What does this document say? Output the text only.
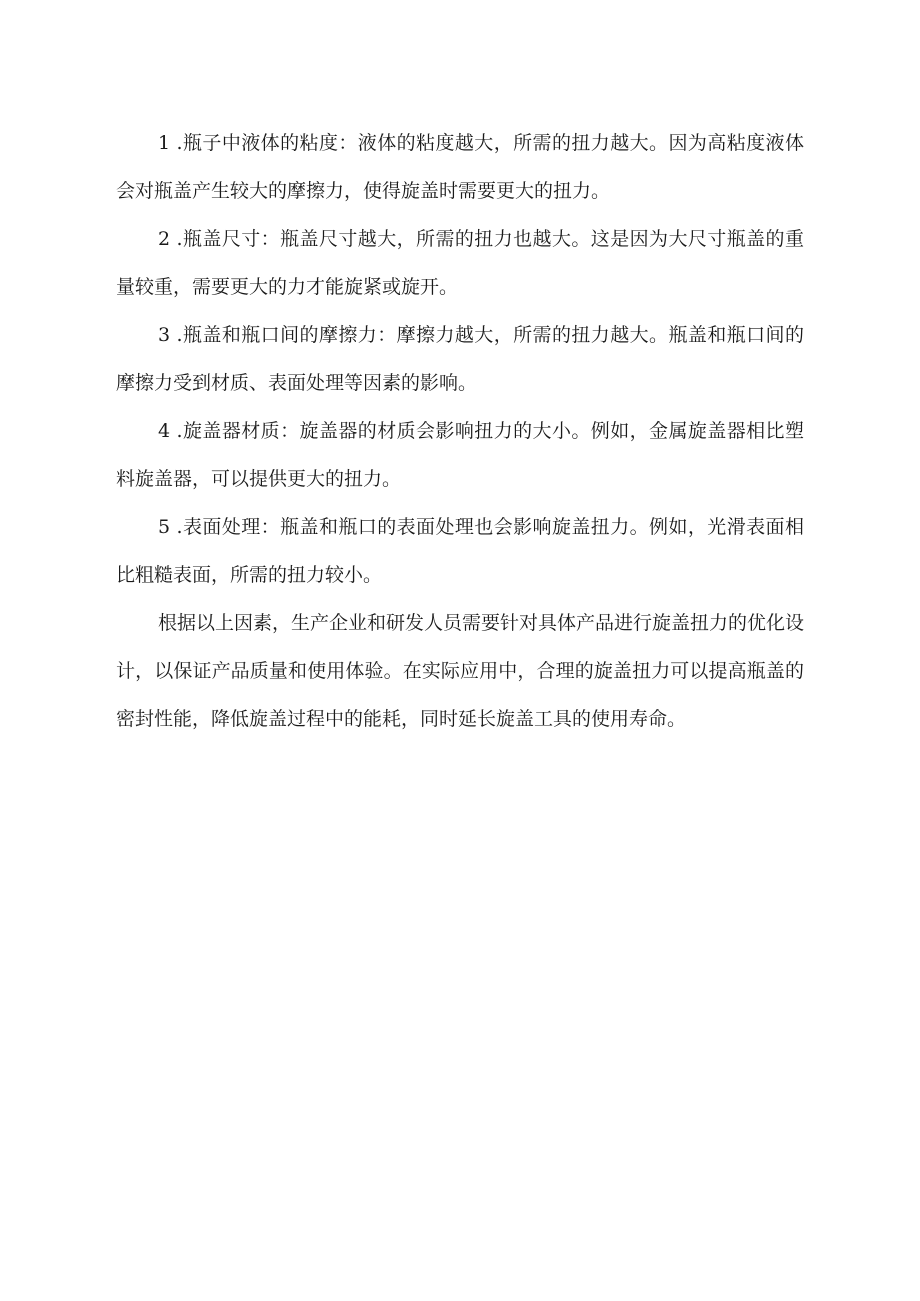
1 .瓶子中液体的粘度：液体的粘度越大，所需的扭力越大。因为高粘度液体会对瓶盖产生较大的摩擦力，使得旋盖时需要更大的扭力。

2 .瓶盖尺寸：瓶盖尺寸越大，所需的扭力也越大。这是因为大尺寸瓶盖的重量较重，需要更大的力才能旋紧或旋开。

3 .瓶盖和瓶口间的摩擦力：摩擦力越大，所需的扭力越大。瓶盖和瓶口间的摩擦力受到材质、表面处理等因素的影响。

4 .旋盖器材质：旋盖器的材质会影响扭力的大小。例如，金属旋盖器相比塑料旋盖器，可以提供更大的扭力。

5 .表面处理：瓶盖和瓶口的表面处理也会影响旋盖扭力。例如，光滑表面相比粗糙表面，所需的扭力较小。

根据以上因素，生产企业和研发人员需要针对具体产品进行旋盖扭力的优化设计，以保证产品质量和使用体验。在实际应用中，合理的旋盖扭力可以提高瓶盖的密封性能，降低旋盖过程中的能耗，同时延长旋盖工具的使用寿命。
